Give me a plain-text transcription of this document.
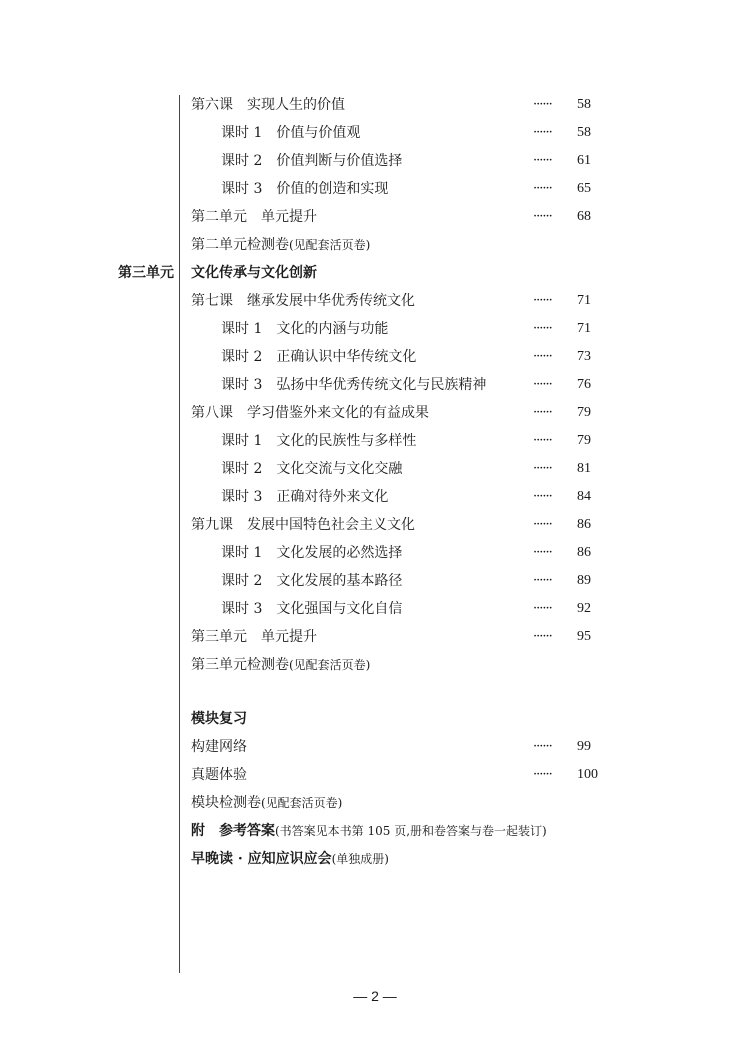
第六课　实现人生的价值	······ 58
课时 1　价值与价值观	······ 58
课时 2　价值判断与价值选择	······ 61
课时 3　价值的创造和实现	······ 65
第二单元　单元提升	······ 68
第二单元检测卷(见配套活页卷)
第三单元 文化传承与文化创新
第七课　继承发展中华优秀传统文化	······ 71
课时 1　文化的内涵与功能	······ 71
课时 2　正确认识中华传统文化	······ 73
课时 3　弘扬中华优秀传统文化与民族精神	······ 76
第八课　学习借鉴外来文化的有益成果	······ 79
课时 1　文化的民族性与多样性	······ 79
课时 2　文化交流与文化交融	······ 81
课时 3　正确对待外来文化	······ 84
第九课　发展中国特色社会主义文化	······ 86
课时 1　文化发展的必然选择	······ 86
课时 2　文化发展的基本路径	······ 89
课时 3　文化强国与文化自信	······ 92
第三单元　单元提升	······ 95
第三单元检测卷(见配套活页卷)
模块复习
构建网络	······ 99
真题体验	······ 100
模块检测卷(见配套活页卷)
附　参考答案(书答案见本书第 105 页,册和卷答案与卷一起装订)
早晚读 · 应知应识应会(单独成册)
— 2 —
